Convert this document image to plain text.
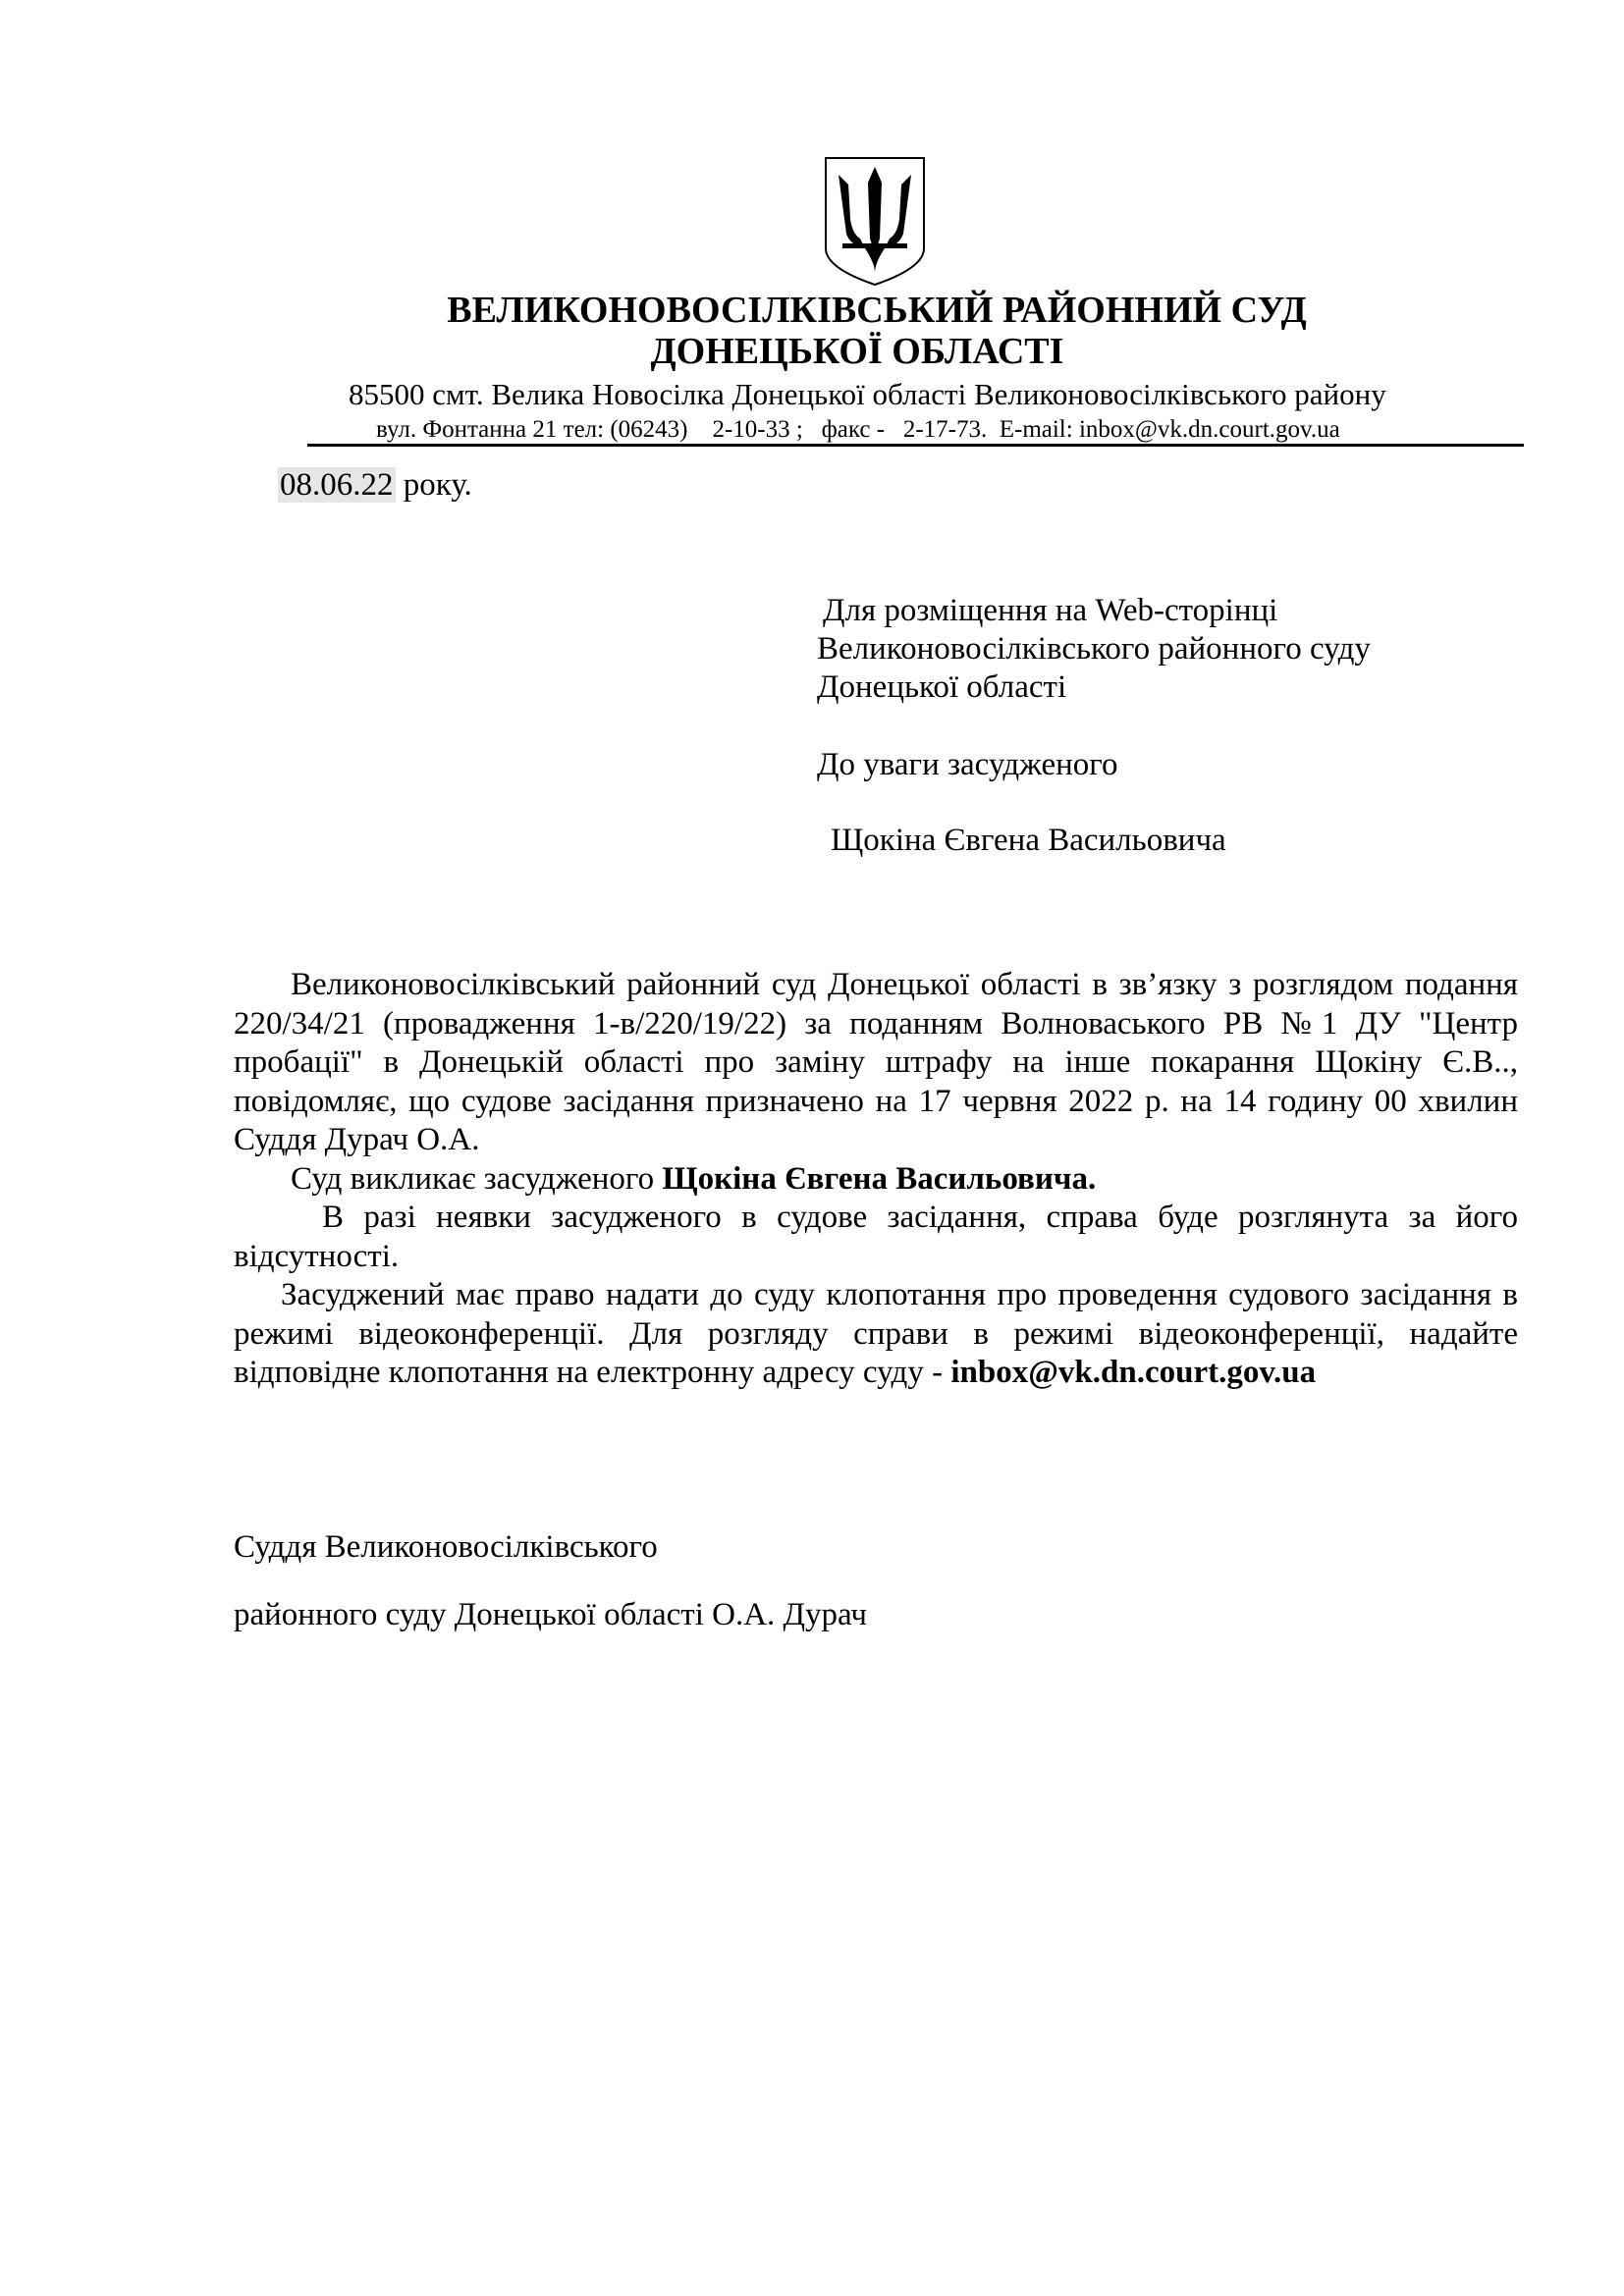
ВЕЛИКОНОВОСІЛКІВСЬКИЙ РАЙОННИЙ СУД
ДОНЕЦЬКОЇ ОБЛАСТІ
85500 смт. Велика Новосілка Донецької області Великоновосілківського району
вул. Фонтанна 21 тел: (06243)    2-10-33 ;   факс -   2-17-73.  E-mail: inbox@vk.dn.court.gov.ua
08.06.22 року.
Для розміщення на Web-сторінці
Великоновосілківського районного суду
Донецької області
До уваги засудженого
Щокіна Євгена Васильовича

Великоновосілківський районний суд Донецької області в зв’язку з розглядом подання 220/34/21 (провадження 1-в/220/19/22) за поданням Волноваського РВ №1 ДУ "Центр пробації" в Донецькій області про заміну штрафу на інше покарання Щокіну Є.В.., повідомляє, що судове засідання призначено на 17 червня 2022 р. на 14 годину 00 хвилин Суддя Дурач О.А.

Суд викликає засудженого Щокіна Євгена Васильовича.

В разі неявки засудженого в судове засідання, справа буде розглянута за його відсутності.

Засуджений має право надати до суду клопотання про проведення судового засідання в режимі відеоконференції. Для розгляду справи в режимі відеоконференції, надайте відповідне клопотання на електронну адресу суду - inbox@vk.dn.court.gov.ua

Суддя Великоновосілківського
районного суду Донецької області О.А. Дурач
